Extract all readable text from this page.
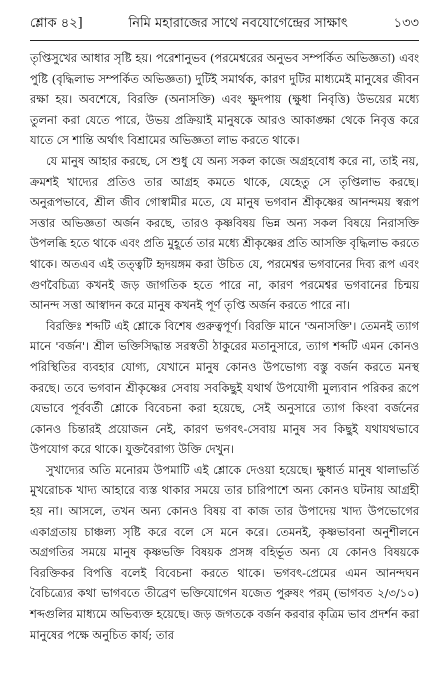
শ্লোক ৪২]	নিমি মহারাজের সাথে নবযোগেন্দ্রের সাক্ষাৎ	১৩৩

তৃপ্তিসুখের আধার সৃষ্টি হয়। পরেশানুভব (পরমেশ্বরের অনুভব সম্পর্কিত অভিজ্ঞতা) এবং পুষ্টি (বৃদ্ধিলাভ সম্পর্কিত অভিজ্ঞতা) দুটিই সমার্থক, কারণ দুটির মাধ্যমেই মানুষের জীবন রক্ষা হয়। অবশেষে, বিরক্তি (অনাসক্তি) এবং ক্ষুদপায় (ক্ষুধা নিবৃত্তি) উভয়ের মধ্যে তুলনা করা যেতে পারে, উভয় প্রক্রিয়াই মানুষকে আরও আকাঙ্ক্ষা থেকে নিবৃত্ত করে যাতে সে শান্তি অর্থাৎ বিশ্রামের অভিজ্ঞতা লাভ করতে থাকে।

যে মানুষ আহার করছে, সে শুধু যে অন্য সকল কাজে অগ্রহবোধ করে না, তাই নয়, ক্রমশই খাদ্যের প্রতিও তার আগ্রহ কমতে থাকে, যেহেতু সে তৃপ্তিলাভ করছে। অনুরূপভাবে, শ্রীল জীব গোস্বামীর মতে, যে মানুষ ভগবান শ্রীকৃষ্ণের আনন্দময় স্বরূপ সত্তার অভিজ্ঞতা অর্জন করছে, তারও কৃষ্ণবিষয় ভিন্ন অন্য সকল বিষয়ে নিরাসক্তি উপলব্ধি হতে থাকে এবং প্রতি মুহূর্তে তার মধ্যে শ্রীকৃষ্ণের প্রতি আসক্তি বৃদ্ধিলাভ করতে থাকে। অতএব এই তত্ত্বটি হৃদয়ঙ্গম করা উচিত যে, পরমেশ্বর ভগবানের দিব্য রূপ এবং গুণবৈচিত্র্য কখনই জড় জাগতিক হতে পারে না, কারণ পরমেশ্বর ভগবানের চিন্ময় আনন্দ সত্তা আস্বাদন করে মানুষ কখনই পূর্ণ তৃপ্তি অর্জন করতে পারে না।

বিরক্তিঃ শব্দটি এই শ্লোকে বিশেষ গুরুত্বপূর্ণ। বিরক্তি মানে 'অনাসক্তি'। তেমনই ত্যাগ মানে 'বর্জন'। শ্রীল ভক্তিসিদ্ধান্ত সরস্বতী ঠাকুরের মতানুসারে, ত্যাগ শব্দটি এমন কোনও পরিস্থিতির ব্যবহার যোগ্য, যেখানে মানুষ কোনও উপভোগ্য বস্তু বর্জন করতে মনস্থ করছে। তবে ভগবান শ্রীকৃষ্ণের সেবায় সবকিছুই যথার্থ উপযোগী মুল্যবান পরিকর রূপে যেভাবে পূর্ববর্তী শ্লোকে বিবেচনা করা হয়েছে, সেই অনুসারে ত্যাগ কিংবা বর্জনের কোনও চিন্তারই প্রয়োজন নেই, কারণ ভগবৎ-সেবায় মানুষ সব কিছুই যথাযথভাবে উপযোগ করে থাকে। যুক্তবৈরাগ্য উক্তি দেখুন।

সুখাদ্যের অতি মনোরম উপমাটি এই শ্লোকে দেওয়া হয়েছে। ক্ষুধার্ত মানুষ থালাভর্তি মুখরোচক খাদ্য আহারে ব্যস্ত থাকার সময়ে তার চারিপাশে অন্য কোনও ঘটনায় আগ্রহী হয় না। আসলে, তখন অন্য কোনও বিষয় বা কাজ তার উপাদেয় খাদ্য উপভোগের একাগ্রতায় চাঞ্চল্য সৃষ্টি করে বলে সে মনে করে। তেমনই, কৃষ্ণভাবনা অনুশীলনে অগ্রগতির সময়ে মানুষ কৃষ্ণভক্তি বিষয়ক প্রসঙ্গ বহির্ভূত অন্য যে কোনও বিষয়কে বিরক্তিকর বিপত্তি বলেই বিবেচনা করতে থাকে। ভগবৎ-প্রেমের এমন আনন্দঘন বৈচিত্র্যের কথা ভাগবতে তীব্রেণ ভক্তিযোগেন যজেত পুরুষং পরম্ (ভাগবত ২/৩/১০) শব্দগুলির মাধ্যমে অভিব্যক্ত হয়েছে। জড় জগতকে বর্জন করবার কৃত্রিম ভাব প্রদর্শন করা মানুষের পক্ষে অনুচিত কার্য; তার
